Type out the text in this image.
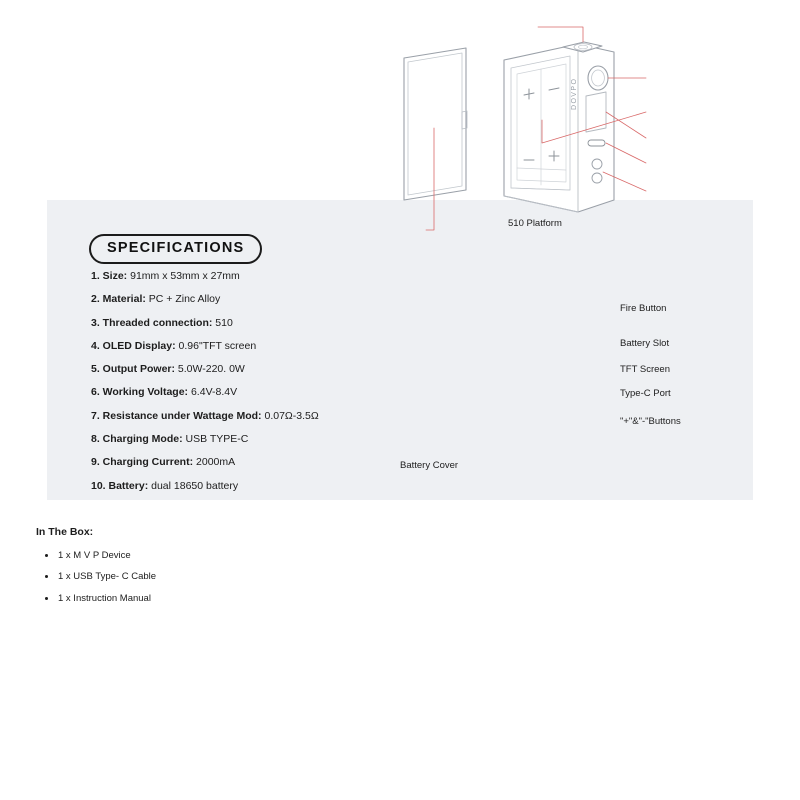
SPECIFICATIONS
1. Size: 91mm x 53mm x 27mm
2. Material: PC + Zinc Alloy
3. Threaded connection: 510
4. OLED Display: 0.96"TFT screen
5. Output Power: 5.0W-220. 0W
6. Working Voltage: 6.4V-8.4V
7. Resistance under Wattage Mod: 0.07Ω-3.5Ω
8. Charging Mode: USB TYPE-C
9. Charging Current: 2000mA
10. Battery: dual 18650 battery
DOVPO
510 Platform
Fire Button
Battery Slot
TFT Screen
Type-C Port
"+"&"-"Buttons
Battery Cover

In The Box:

1 x M V P Device
1 x USB Type- C Cable
1 x Instruction Manual
